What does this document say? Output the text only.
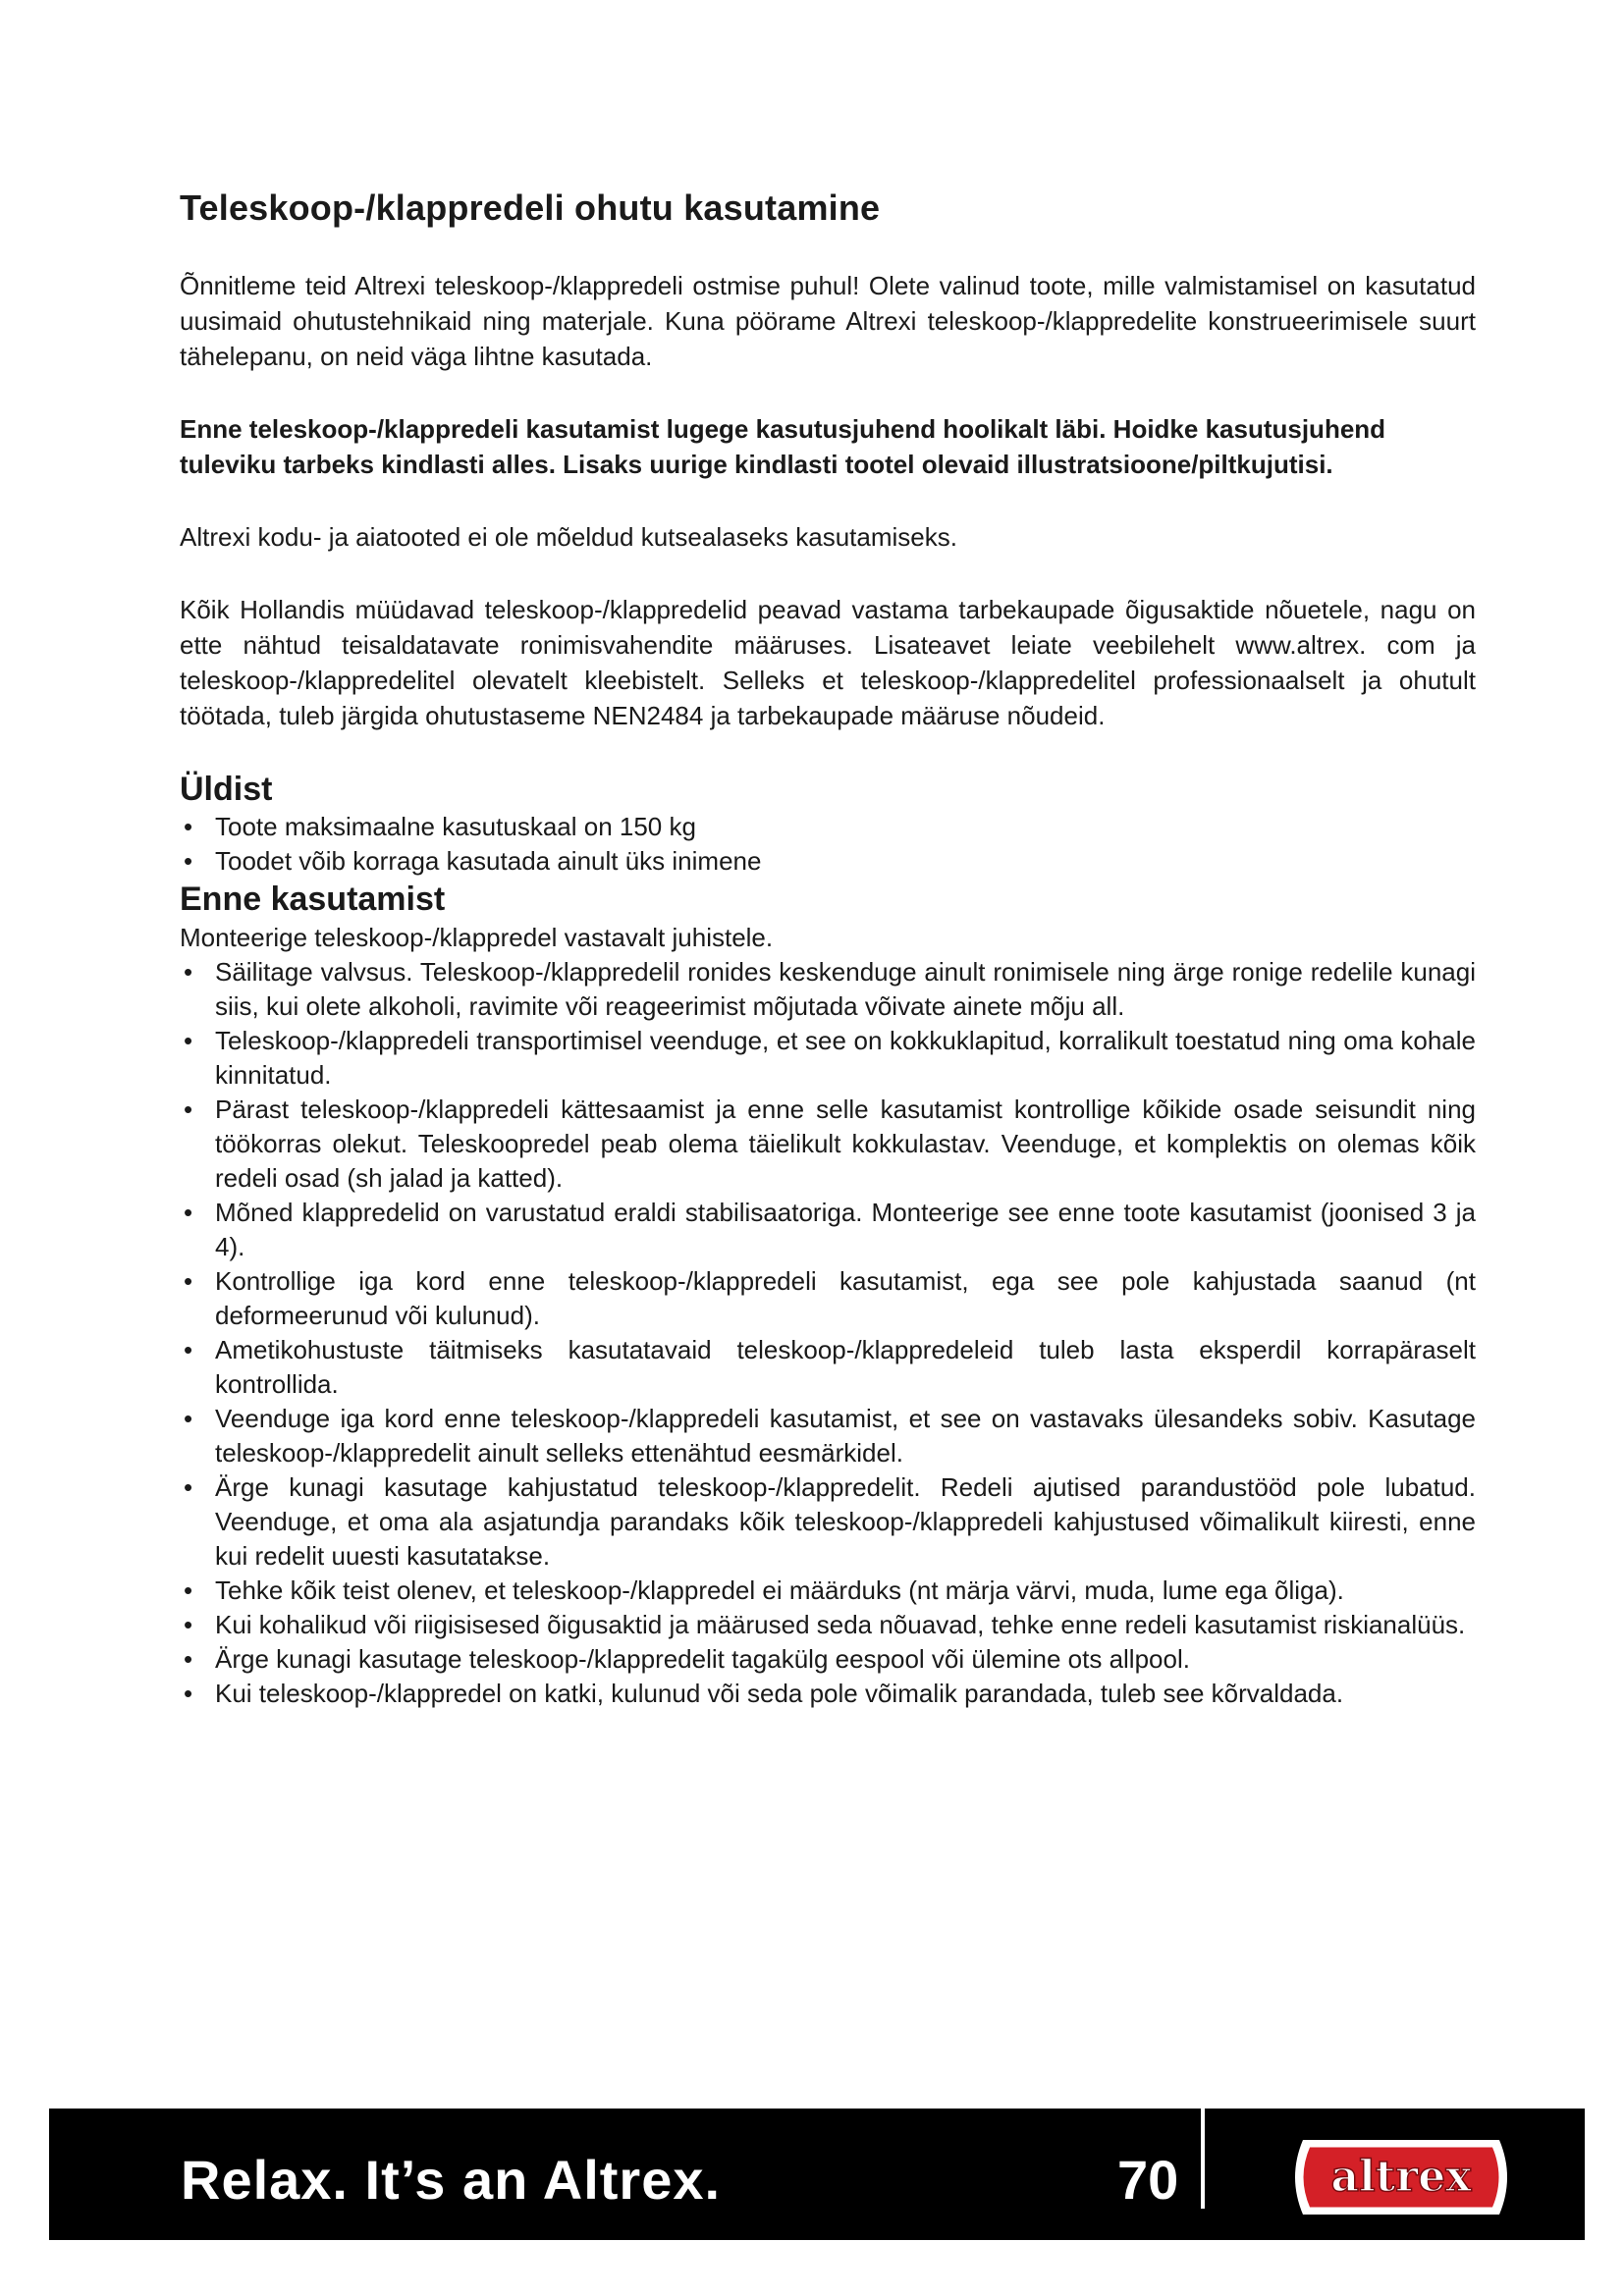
Teleskoop-/klappredeli ohutu kasutamine

Õnnitleme teid Altrexi teleskoop-/klappredeli ostmise puhul! Olete valinud toote, mille valmistamisel on kasutatud uusimaid ohutustehnikaid ning materjale. Kuna pöörame Altrexi teleskoop-/klappredelite konstrueerimisele suurt tähelepanu, on neid väga lihtne kasutada.

Enne teleskoop-/klappredeli kasutamist lugege kasutusjuhend hoolikalt läbi. Hoidke kasutusjuhend tuleviku tarbeks kindlasti alles. Lisaks uurige kindlasti tootel olevaid illustratsioone/piltkujutisi.

Altrexi kodu- ja aiatooted ei ole mõeldud kutsealaseks kasutamiseks.

Kõik Hollandis müüdavad teleskoop-/klappredelid peavad vastama tarbekaupade õigusaktide nõuetele, nagu on ette nähtud teisaldatavate ronimisvahendite määruses. Lisateavet leiate veebilehelt www.altrex. com ja teleskoop-/klappredelitel olevatelt kleebistelt. Selleks et teleskoop-/klappredelitel professionaalselt ja ohutult töötada, tuleb järgida ohutustaseme NEN2484 ja tarbekaupade määruse nõudeid.

Üldist
• Toote maksimaalne kasutuskaal on 150 kg
• Toodet võib korraga kasutada ainult üks inimene
Enne kasutamist

Monteerige teleskoop-/klappredel vastavalt juhistele.

• Säilitage valvsus. Teleskoop-/klappredelil ronides keskenduge ainult ronimisele ning ärge ronige redelile kunagi siis, kui olete alkoholi, ravimite või reageerimist mõjutada võivate ainete mõju all.
• Teleskoop-/klappredeli transportimisel veenduge, et see on kokkuklapitud, korralikult toestatud ning oma kohale kinnitatud.
• Pärast teleskoop-/klappredeli kättesaamist ja enne selle kasutamist kontrollige kõikide osade seisundit ning töökorras olekut. Teleskoopredel peab olema täielikult kokkulastav. Veenduge, et komplektis on olemas kõik redeli osad (sh jalad ja katted).
• Mõned klappredelid on varustatud eraldi stabilisaatoriga. Monteerige see enne toote kasutamist (joonised 3 ja 4).
• Kontrollige iga kord enne teleskoop-/klappredeli kasutamist, ega see pole kahjustada saanud (nt deformeerunud või kulunud).
• Ametikohustuste täitmiseks kasutatavaid teleskoop-/klappredeleid tuleb lasta eksperdil korrapäraselt kontrollida.
• Veenduge iga kord enne teleskoop-/klappredeli kasutamist, et see on vastavaks ülesandeks sobiv. Kasutage teleskoop-/klappredelit ainult selleks ettenähtud eesmärkidel.
• Ärge kunagi kasutage kahjustatud teleskoop-/klappredelit. Redeli ajutised parandustööd pole lubatud. Veenduge, et oma ala asjatundja parandaks kõik teleskoop-/klappredeli kahjustused võimalikult kiiresti, enne kui redelit uuesti kasutatakse.
• Tehke kõik teist olenev, et teleskoop-/klappredel ei määrduks (nt märja värvi, muda, lume ega õliga).
• Kui kohalikud või riigisisesed õigusaktid ja määrused seda nõuavad, tehke enne redeli kasutamist riskianalüüs.
• Ärge kunagi kasutage teleskoop-/klappredelit tagakülg eespool või ülemine ots allpool.
• Kui teleskoop-/klappredel on katki, kulunud või seda pole võimalik parandada, tuleb see kõrvaldada.
Relax. It’s an Altrex.	70	altrex
